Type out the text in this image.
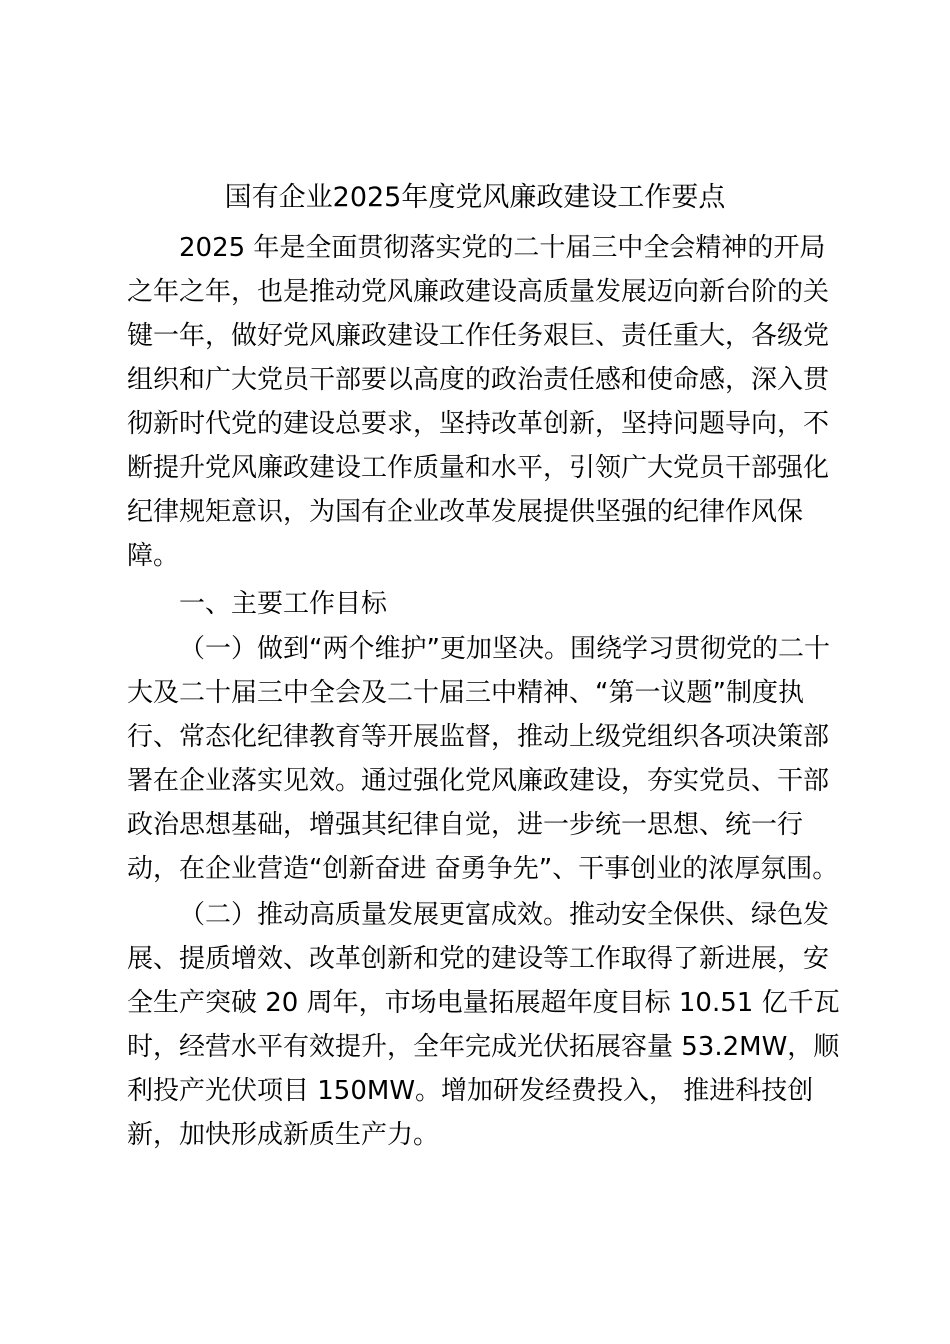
国有企业2025年度党风廉政建设工作要点
2025 年是全面贯彻落实党的二十届三中全会精神的开局
之年之年，也是推动党风廉政建设高质量发展迈向新台阶的关
键一年，做好党风廉政建设工作任务艰巨、责任重大，各级党
组织和广大党员干部要以高度的政治责任感和使命感，深入贯
彻新时代党的建设总要求，坚持改革创新，坚持问题导向，不
断提升党风廉政建设工作质量和水平，引领广大党员干部强化
纪律规矩意识，为国有企业改革发展提供坚强的纪律作风保
障。
一、主要工作目标
（一）做到“两个维护”更加坚决。围绕学习贯彻党的二十
大及二十届三中全会及二十届三中精神、“第一议题”制度执
行、常态化纪律教育等开展监督，推动上级党组织各项决策部
署在企业落实见效。通过强化党风廉政建设，夯实党员、干部
政治思想基础，增强其纪律自觉，进一步统一思想、统一行
动，在企业营造“创新奋进 奋勇争先”、干事创业的浓厚氛围。
（二）推动高质量发展更富成效。推动安全保供、绿色发
展、提质增效、改革创新和党的建设等工作取得了新进展，安
全生产突破 20 周年，市场电量拓展超年度目标 10.51 亿千瓦
时，经营水平有效提升，全年完成光伏拓展容量 53.2MW，顺
利投产光伏项目 150MW。增加研发经费投入， 推进科技创
新，加快形成新质生产力。
